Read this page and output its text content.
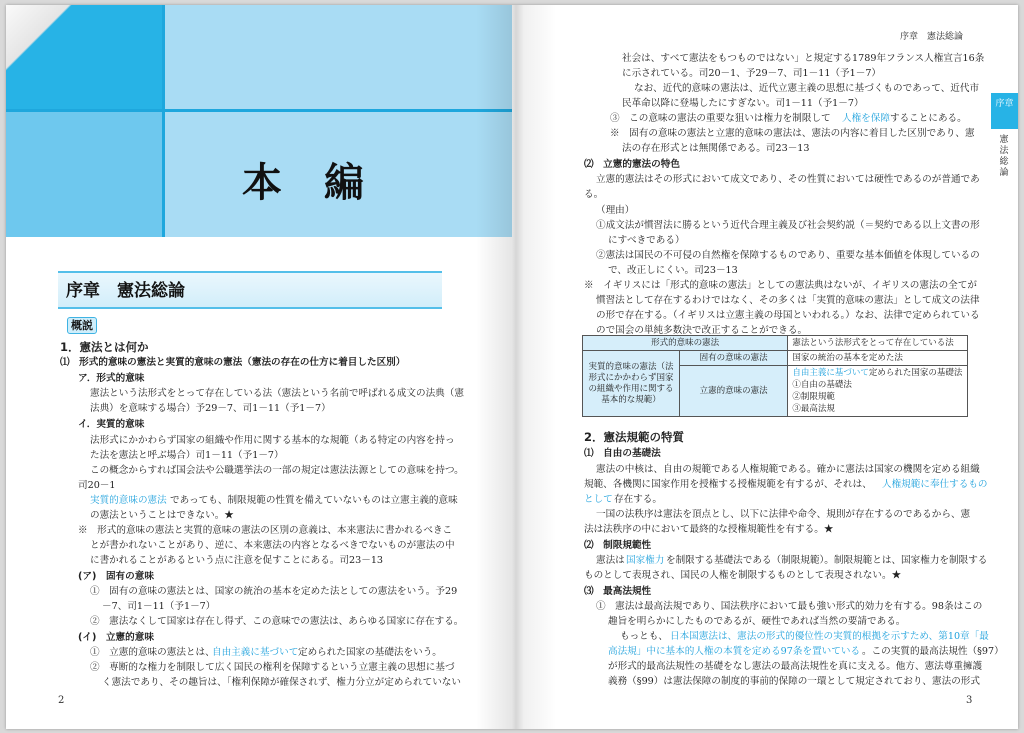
本編
序章　憲法総論
概説
1．憲法とは何か
⑴　形式的意味の憲法と実質的意味の憲法（憲法の存在の仕方に着目した区別）
ア．形式的意味
憲法という法形式をとって存在している法（憲法という名前で呼ばれる成文の法典（憲
法典）を意味する場合）予29－7、司1－11（予1－7）
イ．実質的意味
法形式にかかわらず国家の組織や作用に関する基本的な規範（ある特定の内容を持っ
た法を憲法と呼ぶ場合）司1－11（予1－7）
この概念からすれば国会法や公職選挙法の一部の規定は憲法法源としての意味を持つ。
司20－1
実質的意味の憲法 であっても、制限規範の性質を備えていないものは立憲主義的意味
の憲法ということはできない。★
※　形式的意味の憲法と実質的意味の憲法の区別の意義は、本来憲法に書かれるべきこ
とが書かれないことがあり、逆に、本来憲法の内容となるべきでないものが憲法の中
に書かれることがあるという点に注意を促すことにある。司23－13
(ア)　固有の意味
①　固有の意味の憲法とは、国家の統治の基本を定めた法としての憲法をいう。予29
－7、司1－11（予1－7）
②　憲法なくして国家は存在し得ず、この意味での憲法は、あらゆる国家に存在する。
(イ)　立憲的意味
①　立憲的意味の憲法とは、
自由主義に基づいて 定められた国家の基礎法をいう。
②　専断的な権力を制限して広く国民の権利を保障するという立憲主義の思想に基づ
く憲法であり、その趣旨は、「権利保障が確保されず、権力分立が定められていない
2
序章　憲法総論
序章
憲法総論
社会は、すべて憲法をもつものではない」と規定する1789年フランス人権宣言16条
に示されている。司20－1、予29－7、司1－11（予1－7）
なお、近代的意味の憲法は、近代立憲主義の思想に基づくものであって、近代市
民革命以降に登場したにすぎない。司1－11（予1－7）
③　この意味の憲法の重要な狙いは権力を制限して 人権を保障 することにある。
※　固有の意味の憲法と立憲的意味の憲法は、憲法の内容に着目した区別であり、憲
法の存在形式とは無関係である。司23－13
⑵　立憲的憲法の特色
立憲的憲法はその形式において成文であり、その性質においては硬性であるのが普通であ
る。
（理由）
①成文法が慣習法に勝るという近代合理主義及び社会契約説（＝契約である以上文書の形
にすべきである）
②憲法は国民の不可侵の自然権を保障するものであり、重要な基本価値を体現しているの
で、改正しにくい。司23－13
※　イギリスには「形式的意味の憲法」としての憲法典はないが、イギリスの憲法の全てが
慣習法として存在するわけではなく、その多くは「実質的意味の憲法」として成文の法律
の形で存在する。（イギリスは立憲主義の母国といわれる。）なお、法律で定められている
ので国会の単純多数決で改正することができる。
2．憲法規範の特質
⑴　自由の基礎法
憲法の中核は、自由の規範である人権規範である。確かに憲法は国家の機関を定める組織
規範、各機関に国家作用を授権する授権規範を有するが、それは、 人権規範に奉仕するもの
として 存在する。
一国の法秩序は憲法を頂点とし、以下に法律や命令、規則が存在するのであるから、憲
法は法秩序の中において最終的な授権規範性を有する。★
⑵　制限規範性
憲法は 国家権力 を制限する基礎法である（制限規範）。制限規範とは、国家権力を制限する
ものとして表現され、国民の人権を制限するものとして表現されない。★
⑶　最高法規性
①　憲法は最高法規であり、国法秩序において最も強い形式的効力を有する。98条はこの
趣旨を明らかにしたものであるが、硬性であれば当然の要請である。
もっとも、 日本国憲法は、憲法の形式的優位性の実質的根拠を示すため、第10章「最
高法規」中に基本的人権の本質を定める97条を置いている 。この実質的最高法規性（§97）
が形式的最高法規性の基礎をなし憲法の最高法規性を真に支える。他方、憲法尊重擁護
義務（§99）は憲法保障の制度的事前的保障の一環として規定されており、憲法の形式
形式的意味の憲法		憲法という法形式をとって存在している法
実質的意味の憲法（法形式にかかわらず国家の組織や作用に関する基本的な規範）	固有の意味の憲法	国家の統治の基本を定めた法
	立憲的意味の憲法	自由主義に基づいて定められた国家の基礎法
①自由の基礎法
②制限規範
③最高法規
3
